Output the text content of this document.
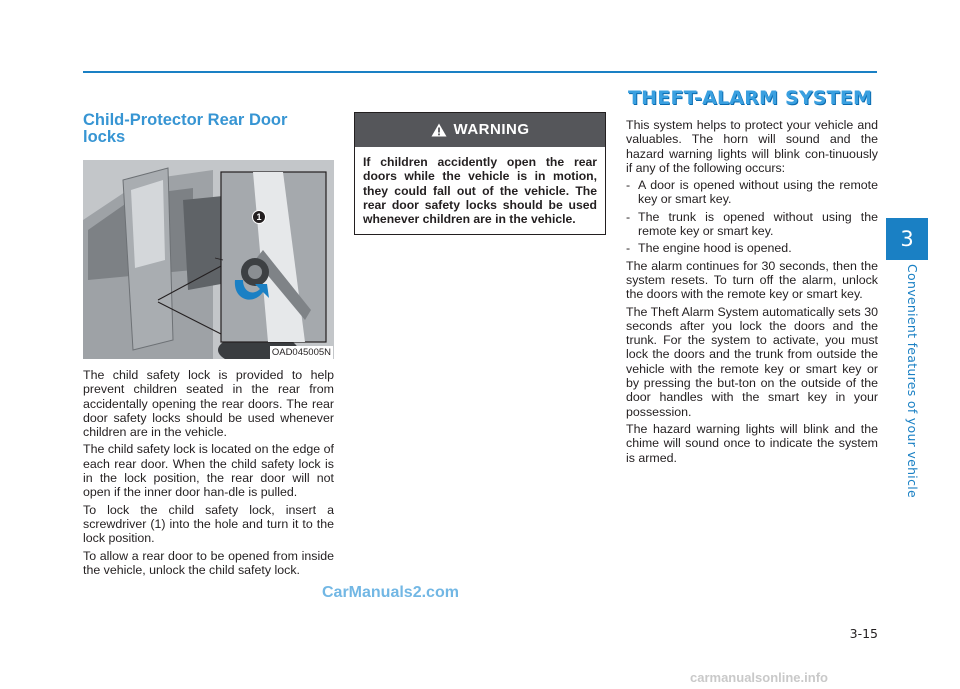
Child-Protector Rear Door locks
1
OAD045005N

The child safety lock is provided to help prevent children seated in the rear from accidentally opening the rear doors. The rear door safety locks should be used whenever children are in the vehicle.

The child safety lock is located on the edge of each rear door. When the child safety lock is in the lock position, the rear door will not open if the inner door han-dle is pulled.

To lock the child safety lock, insert a screwdriver (1) into the hole and turn it to the lock position.

To allow a rear door to be opened from inside the vehicle, unlock the child safety lock.

WARNING
If children accidently open the rear doors while the vehicle is in motion, they could fall out of the vehicle. The rear door safety locks should be used whenever children are in the vehicle.
THEFT-ALARM SYSTEM

This system helps to protect your vehicle and valuables. The horn will sound and the hazard warning lights will blink con-tinuously if any of the following occurs:

- A door is opened without using the remote key or smart key.
- The trunk is opened without using the remote key or smart key.
- The engine hood is opened.

The alarm continues for 30 seconds, then the system resets. To turn off the alarm, unlock the doors with the remote key or smart key.

The Theft Alarm System automatically sets 30 seconds after you lock the doors and the trunk. For the system to activate, you must lock the doors and the trunk from outside the vehicle with the remote key or smart key or by pressing the but-ton on the outside of the door handles with the smart key in your possession.

The hazard warning lights will blink and the chime will sound once to indicate the system is armed.

3
Convenient features of your vehicle
3-15
CarManuals2.com
carmanualsonline.info
